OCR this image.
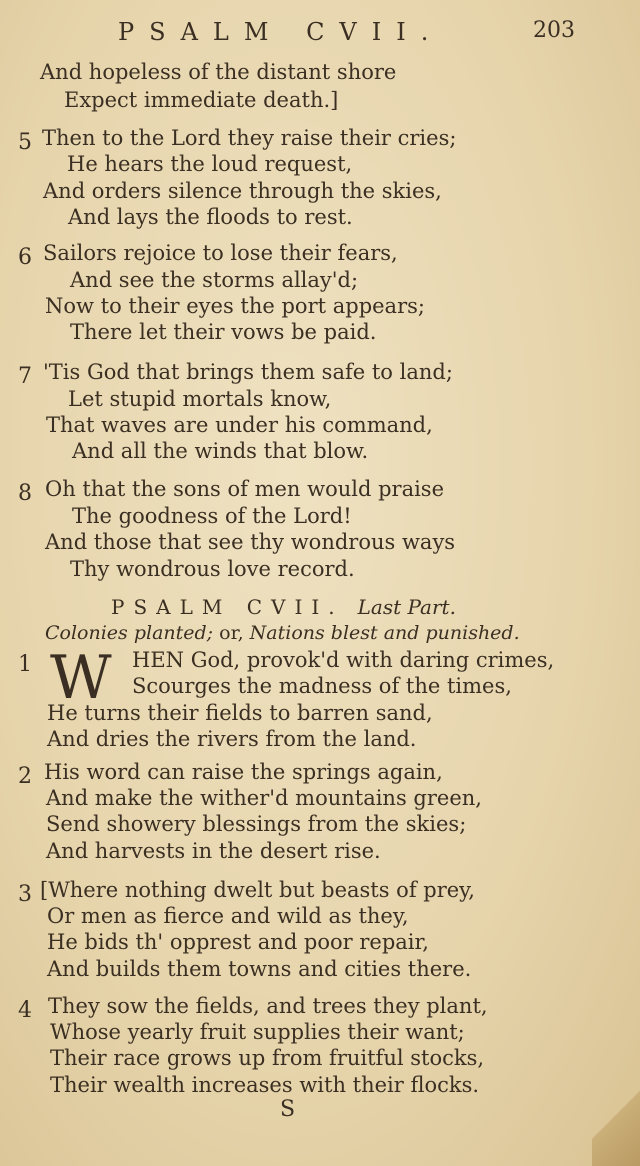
PSALM CVII.	203
And hopeless of the distant shore
Expect immediate death.]
5 Then to the Lord they raise their cries;
He hears the loud request,
And orders silence through the skies,
And lays the floods to rest.
6 Sailors rejoice to lose their fears,
And see the storms allay'd;
Now to their eyes the port appears;
There let their vows be paid.
7 'Tis God that brings them safe to land;
Let stupid mortals know,
That waves are under his command,
And all the winds that blow.
8 Oh that the sons of men would praise
The goodness of the Lord!
And those that see thy wondrous ways
Thy wondrous love record.
PSALM CVII. Last Part.
Colonies planted; or, Nations blest and punished.
1 W HEN God, provok'd with daring crimes,
Scourges the madness of the times,
He turns their fields to barren sand,
And dries the rivers from the land.
2 His word can raise the springs again,
And make the wither'd mountains green,
Send showery blessings from the skies;
And harvests in the desert rise.
3 [Where nothing dwelt but beasts of prey,
Or men as fierce and wild as they,
He bids th' opprest and poor repair,
And builds them towns and cities there.
4 They sow the fields, and trees they plant,
Whose yearly fruit supplies their want;
Their race grows up from fruitful stocks,
Their wealth increases with their flocks.
S
